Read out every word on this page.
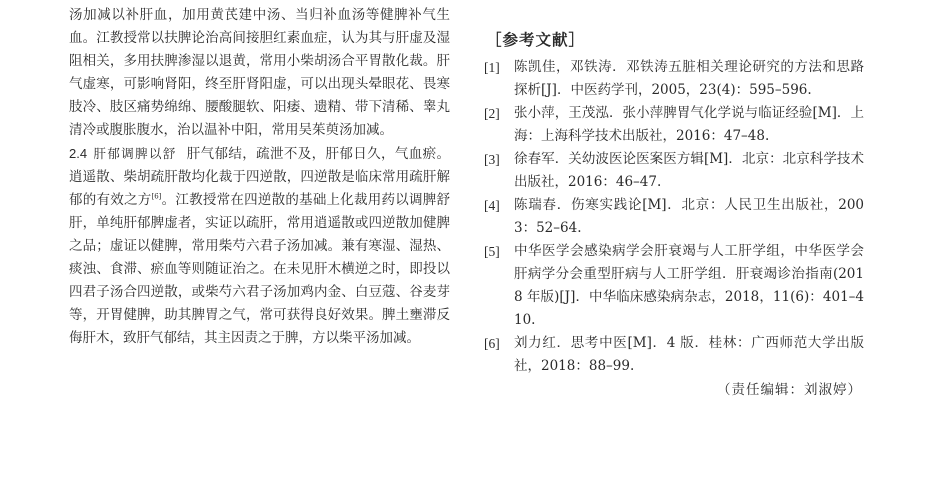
汤加减以补肝血，加用黄芪建中汤、当归补血汤等健脾补气生血。江教授常以扶脾论治高间接胆红素血症，认为其与肝虚及湿阻相关，多用扶脾渗湿以退黄，常用小柴胡汤合平胃散化裁。肝气虚寒，可影响肾阳，终至肝肾阳虚，可以出现头晕眼花、畏寒肢冷、肢区痛势绵绵、腰酸腿软、阳痿、遗精、带下清稀、睾丸清冷或腹胀腹水，治以温补中阳，常用吴茱萸汤加减。

2.4 肝郁调脾以舒 肝气郁结，疏泄不及，肝郁日久，气血瘀。逍遥散、柴胡疏肝散均化裁于四逆散，四逆散是临床常用疏肝解郁的有效之方[6]。江教授常在四逆散的基础上化裁用药以调脾舒肝，单纯肝郁脾虚者，实证以疏肝，常用逍遥散或四逆散加健脾之品；虚证以健脾，常用柴芍六君子汤加减。兼有寒湿、湿热、痰浊、食滞、瘀血等则随证治之。在未见肝木横逆之时，即投以四君子汤合四逆散，或柴芍六君子汤加鸡内金、白豆蔻、谷麦芽等，开胃健脾，助其脾胃之气，常可获得良好效果。脾土壅滞反侮肝木，致肝气郁结，其主因责之于脾，方以柴平汤加减。

［参考文献］
[1] 陈凯佳，邓铁涛．邓铁涛五脏相关理论研究的方法和思路探析[J]．中医药学刊，2005，23(4)：595–596.
[2] 张小萍，王茂泓．张小萍脾胃气化学说与临证经验[M]．上海：上海科学技术出版社，2016：47–48.
[3] 徐春军．关幼波医论医案医方辑[M]．北京：北京科学技术出版社，2016：46–47.
[4] 陈瑞春．伤寒实践论[M]．北京：人民卫生出版社，2003：52–64.
[5] 中华医学会感染病学会肝衰竭与人工肝学组，中华医学会肝病学分会重型肝病与人工肝学组．肝衰竭诊治指南(2018 年版)[J]．中华临床感染病杂志，2018，11(6)：401–410.
[6] 刘力红．思考中医[M]．4 版．桂林：广西师范大学出版社，2018：88–99.
（责任编辑：刘淑婷）
